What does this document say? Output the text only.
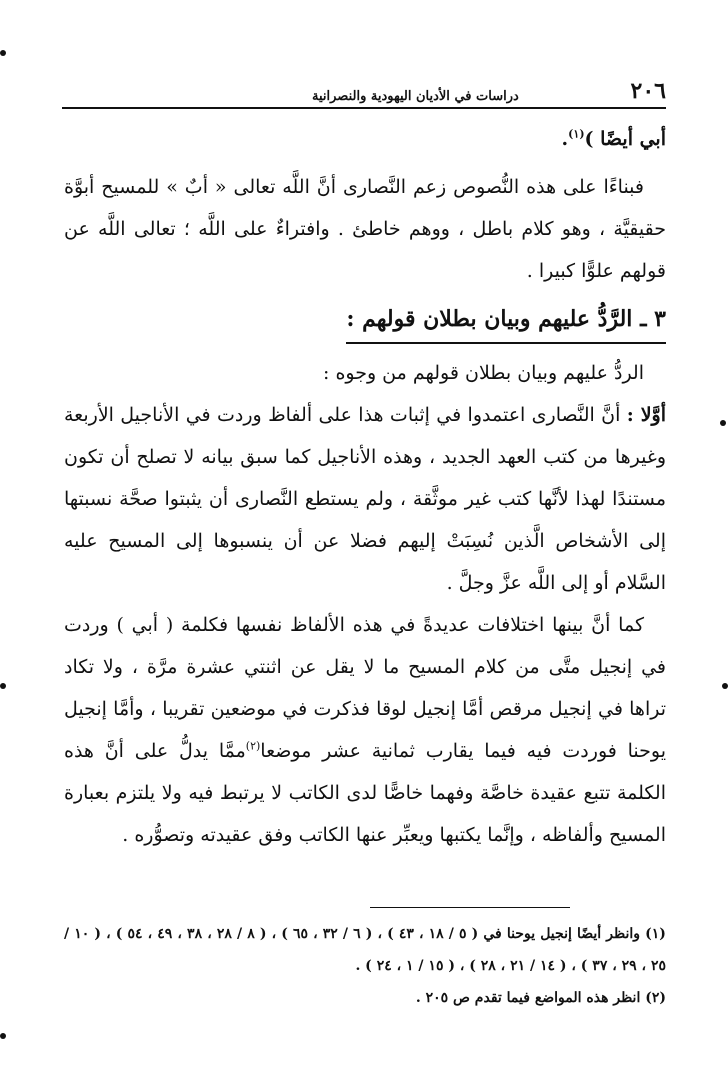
دراسات في الأديان اليهودية والنصرانية	٢٠٦

أبي أيضًا )$^{(١)}$.

فبناءًا على هذه النُّصوص زعم النَّصارى أنَّ اللَّه تعالى « أبٌ » للمسيح أبوَّة حقيقيَّة ، وهو كلام باطل ، ووهم خاطئ . وافتراءٌ على اللَّه ؛ تعالى اللَّه عن قولهم علوًّا كبيرا .

٣ ـ الرَّدُّ عليهم وبيان بطلان قولهم :

الردُّ عليهم وبيان بطلان قولهم من وجوه :

أوَّلا : أنَّ النَّصارى اعتمدوا في إثبات هذا على ألفاظ وردت في الأناجيل الأربعة وغيرها من كتب العهد الجديد ، وهذه الأناجيل كما سبق بيانه لا تصلح أن تكون مستندًا لهذا لأنَّها كتب غير موثَّقة ، ولم يستطع النَّصارى أن يثبتوا صحَّة نسبتها إلى الأشخاص الَّذين نُسِبَتْ إليهم فضلا عن أن ينسبوها إلى المسيح عليه السَّلام أو إلى اللَّه عزَّ وجلَّ .

كما أنَّ بينها اختلافات عديدةً في هذه الألفاظ نفسها فكلمة ( أبي ) وردت في إنجيل متَّى من كلام المسيح ما لا يقل عن اثنتي عشرة مرَّة ، ولا تكاد تراها في إنجيل مرقص أمَّا إنجيل لوقا فذكرت في موضعين تقريبا ، وأمَّا إنجيل يوحنا فوردت فيه فيما يقارب ثمانية عشر موضعا$^{(٢)}$ممَّا يدلُّ على أنَّ هذه الكلمة تتبع عقيدة خاصَّة وفهما خاصًّا لدى الكاتب لا يرتبط فيه ولا يلتزم بعبارة المسيح وألفاظه ، وإنَّما يكتبها ويعبِّر عنها الكاتب وفق عقيدته وتصوُّره .

(١) وانظر أيضًا إنجيل يوحنا في ( ٥ / ١٨ ، ٤٣ ) ، ( ٦ / ٣٢ ، ٦٥ ) ، ( ٨ / ٢٨ ، ٣٨ ، ٤٩ ، ٥٤ ) ، ( ١٠ / ٢٥ ، ٢٩ ، ٣٧ ) ، ( ١٤ / ٢١ ، ٢٨ ) ، ( ١٥ / ١ ، ٢٤ ) .

(٢) انظر هذه المواضع فيما تقدم ص ٢٠٥ .
